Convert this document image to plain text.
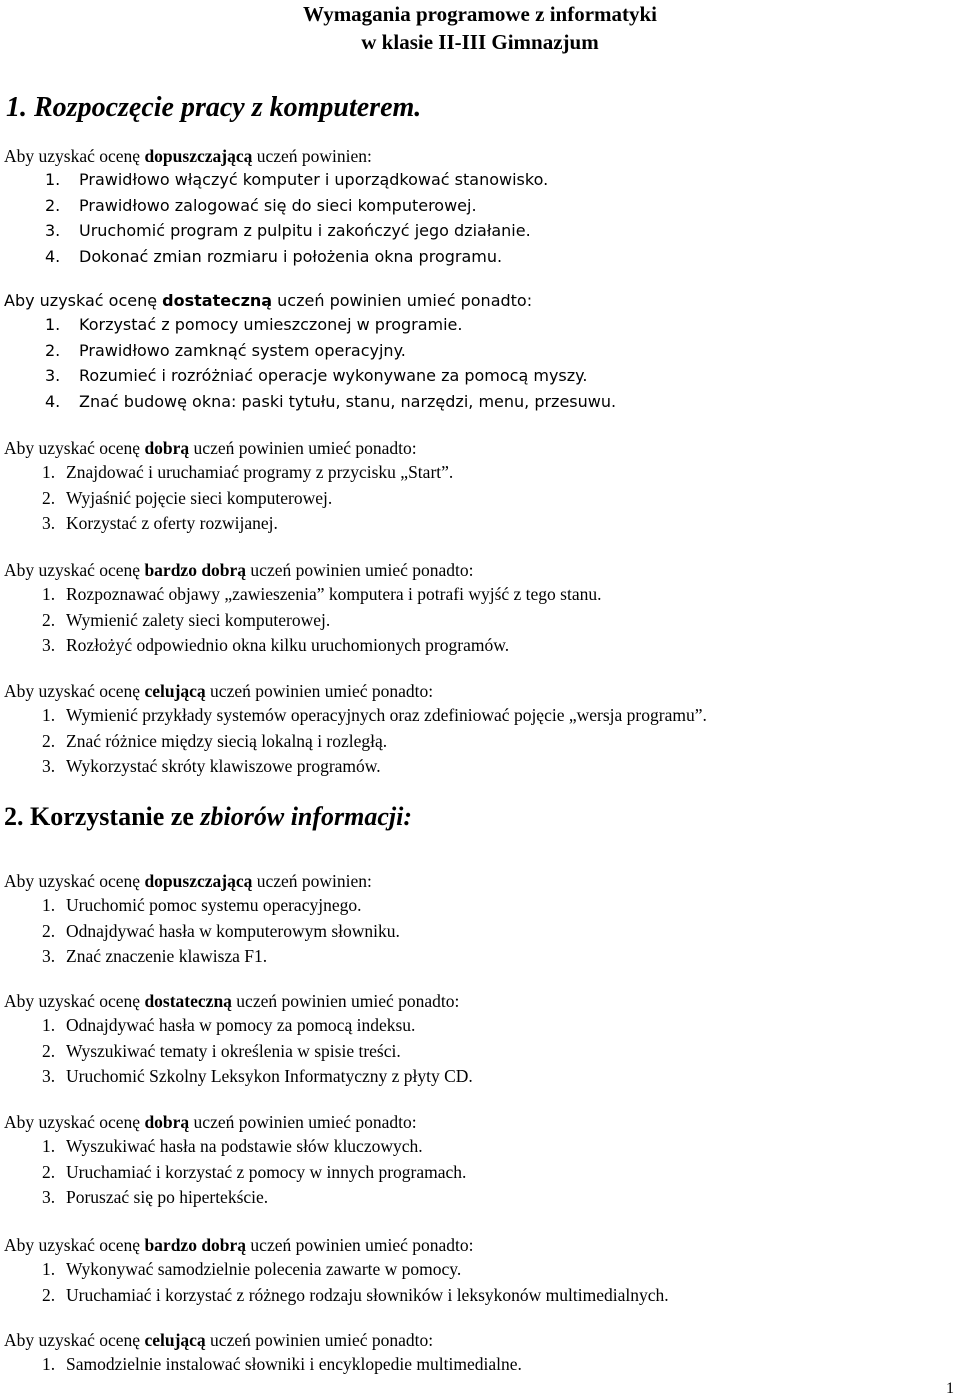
Wymagania programowe z informatyki
w klasie II-III Gimnazjum
1. Rozpoczęcie pracy z komputerem.
Aby uzyskać ocenę dopuszczającą uczeń powinien:
1. Prawidłowo włączyć komputer i uporządkować stanowisko.
2. Prawidłowo zalogować się do sieci komputerowej.
3. Uruchomić program z pulpitu i zakończyć jego działanie.
4. Dokonać zmian rozmiaru i położenia okna programu.
Aby uzyskać ocenę dostateczną uczeń powinien umieć ponadto:
1. Korzystać z pomocy umieszczonej w programie.
2. Prawidłowo zamknąć system operacyjny.
3. Rozumieć i rozróżniać operacje wykonywane za pomocą myszy.
4. Znać budowę okna: paski tytułu, stanu, narzędzi, menu, przesuwu.
Aby uzyskać ocenę dobrą uczeń powinien umieć ponadto:
1. Znajdować i uruchamiać programy z przycisku „Start”.
2. Wyjaśnić pojęcie sieci komputerowej.
3. Korzystać z oferty rozwijanej.
Aby uzyskać ocenę bardzo dobrą uczeń powinien umieć ponadto:
1. Rozpoznawać objawy „zawieszenia” komputera i potrafi wyjść z tego stanu.
2. Wymienić zalety sieci komputerowej.
3. Rozłożyć odpowiednio okna kilku uruchomionych programów.
Aby uzyskać ocenę celującą uczeń powinien umieć ponadto:
1. Wymienić przykłady systemów operacyjnych oraz zdefiniować pojęcie „wersja programu”.
2. Znać różnice między siecią lokalną i rozległą.
3. Wykorzystać skróty klawiszowe programów.
2. Korzystanie ze zbiorów informacji:
Aby uzyskać ocenę dopuszczającą uczeń powinien:
1. Uruchomić pomoc systemu operacyjnego.
2. Odnajdywać hasła w komputerowym słowniku.
3. Znać znaczenie klawisza F1.
Aby uzyskać ocenę dostateczną uczeń powinien umieć ponadto:
1. Odnajdywać hasła w pomocy za pomocą indeksu.
2. Wyszukiwać tematy i określenia w spisie treści.
3. Uruchomić Szkolny Leksykon Informatyczny z płyty CD.
Aby uzyskać ocenę dobrą uczeń powinien umieć ponadto:
1. Wyszukiwać hasła na podstawie słów kluczowych.
2. Uruchamiać i korzystać z pomocy w innych programach.
3. Poruszać się po hipertekście.
Aby uzyskać ocenę bardzo dobrą uczeń powinien umieć ponadto:
1. Wykonywać samodzielnie polecenia zawarte w pomocy.
2. Uruchamiać i korzystać z różnego rodzaju słowników i leksykonów multimedialnych.
Aby uzyskać ocenę celującą uczeń powinien umieć ponadto:
1. Samodzielnie instalować słowniki i encyklopedie multimedialne.
1
